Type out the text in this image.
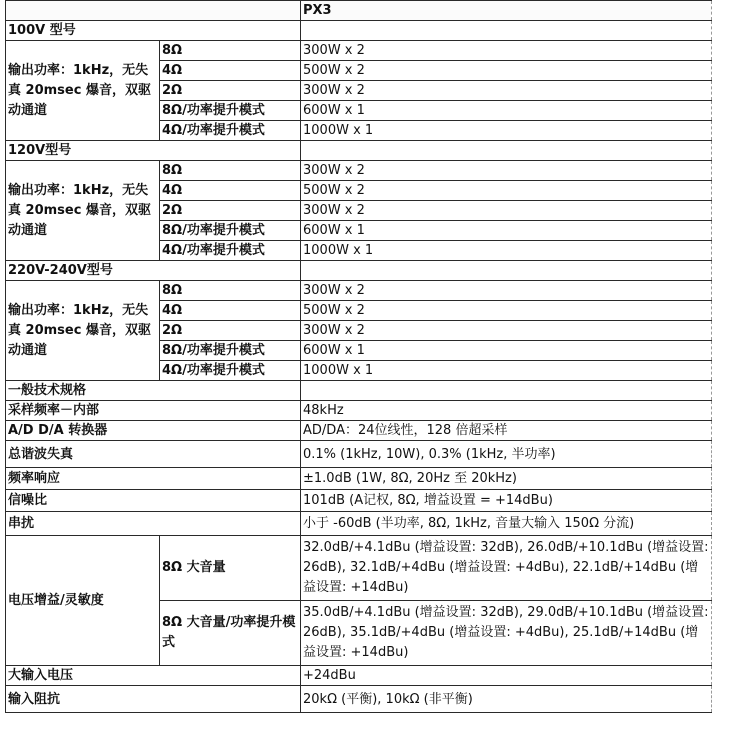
		PX3
100V 型号		
输出功率：1kHz，无失真 20msec 爆音，双驱动通道	8Ω	300W x 2
	4Ω	500W x 2
	2Ω	300W x 2
	8Ω/功率提升模式	600W x 1
	4Ω/功率提升模式	1000W x 1
120V型号		
输出功率：1kHz，无失真 20msec 爆音，双驱动通道	8Ω	300W x 2
	4Ω	500W x 2
	2Ω	300W x 2
	8Ω/功率提升模式	600W x 1
	4Ω/功率提升模式	1000W x 1
220V-240V型号		
输出功率：1kHz，无失真 20msec 爆音，双驱动通道	8Ω	300W x 2
	4Ω	500W x 2
	2Ω	300W x 2
	8Ω/功率提升模式	600W x 1
	4Ω/功率提升模式	1000W x 1
一般技术规格		
采样频率－内部		48kHz
A/D D/A 转换器		AD/DA：24位线性，128 倍超采样
总谐波失真		0.1% (1kHz, 10W), 0.3% (1kHz, 半功率)
频率响应		±1.0dB (1W, 8Ω, 20Hz 至 20kHz)
信噪比		101dB (A记权, 8Ω, 增益设置 = +14dBu)
串扰		小于 -60dB (半功率, 8Ω, 1kHz, 音量大输入 150Ω 分流)
电压增益/灵敏度	8Ω 大音量	32.0dB/+4.1dBu (增益设置: 32dB), 26.0dB/+10.1dBu (增益设置: 26dB), 32.1dB/+4dBu (增益设置: +4dBu), 22.1dB/+14dBu (增益设置: +14dBu)
	8Ω 大音量/功率提升模式	35.0dB/+4.1dBu (增益设置: 32dB), 29.0dB/+10.1dBu (增益设置: 26dB), 35.1dB/+4dBu (增益设置: +4dBu), 25.1dB/+14dBu (增益设置: +14dBu)
大输入电压		+24dBu
输入阻抗		20kΩ (平衡), 10kΩ (非平衡)
